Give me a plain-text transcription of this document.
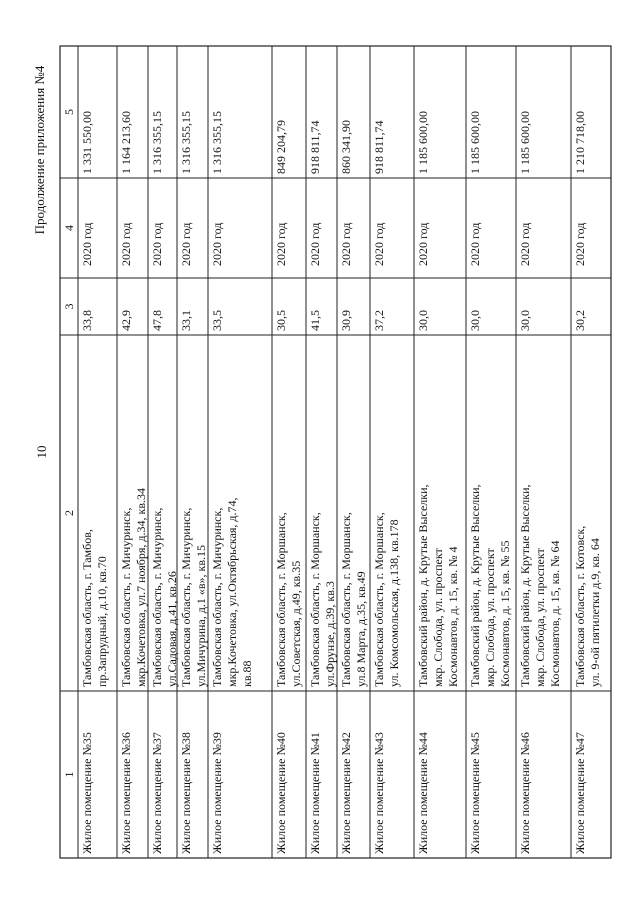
10
Продолжение приложения №4
1
2
3
4
5
Жилое помещение №35
Тамбовская область, г. Тамбов, пр.Запрудный, д.10, кв.70
33,8
2020 год
1 331 550,00
Жилое помещение №36
Тамбовская область, г. Мичуринск, мкр.Кочетовка, ул.7 ноября, д.34, кв.34
42,9
2020 год
1 164 213,60
Жилое помещение №37
Тамбовская область, г. Мичуринск, ул.Садовая, д.41, кв.26
47,8
2020 год
1 316 355,15
Жилое помещение №38
Тамбовская область, г. Мичуринск, ул.Мичурина, д.1 «в», кв.15
33,1
2020 год
1 316 355,15
Жилое помещение №39
Тамбовская область, г. Мичуринск, мкр.Кочетовка, ул.Октябрьская, д.74, кв.88
33,5
2020 год
1 316 355,15
Жилое помещение №40
Тамбовская область, г. Моршанск, ул.Советская, д.49, кв.35
30,5
2020 год
849 204,79
Жилое помещение №41
Тамбовская область, г. Моршанск, ул.Фрунзе, д.39, кв.3
41,5
2020 год
918 811,74
Жилое помещение №42
Тамбовская область, г. Моршанск, ул.8 Марта, д.35, кв.49
30,9
2020 год
860 341,90
Жилое помещение №43
Тамбовская область, г. Моршанск, ул. Комсомольская, д.138, кв.178
37,2
2020 год
918 811,74
Жилое помещение №44
Тамбовский район, д. Крутые Выселки, мкр. Слобода, ул. проспект Космонавтов, д. 15, кв. № 4
30,0
2020 год
1 185 600,00
Жилое помещение №45
Тамбовский район, д. Крутые Выселки, мкр. Слобода, ул. проспект Космонавтов, д. 15, кв. № 55
30,0
2020 год
1 185 600,00
Жилое помещение №46
Тамбовский район, д. Крутые Выселки, мкр. Слобода, ул. проспект Космонавтов, д. 15, кв. № 64
30,0
2020 год
1 185 600,00
Жилое помещение №47
Тамбовская область, г. Котовск, ул. 9-ой пятилетки д.9, кв. 64
30,2
2020 год
1 210 718,00
